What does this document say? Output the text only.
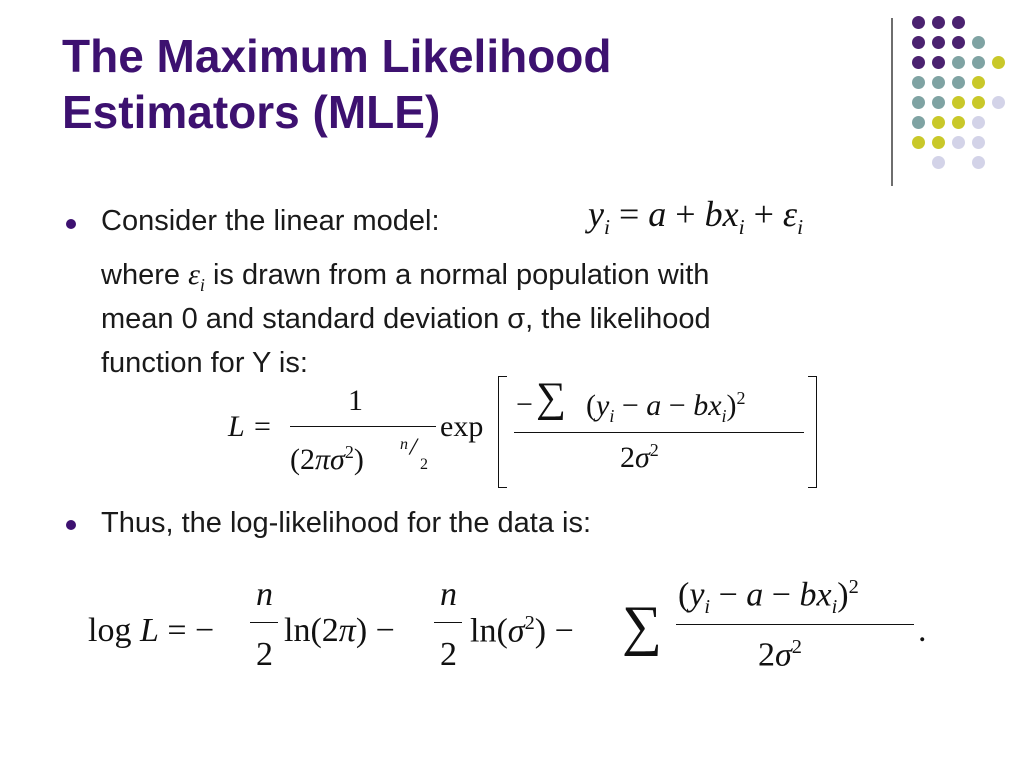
The Maximum Likelihood
Estimators (MLE)
Consider the linear model:	$y_i = a + bx_i + \varepsilon_i$
where $\varepsilon_i$ is drawn from a normal population with
mean 0 and standard deviation σ, the likelihood
function for Y is:
L =
1
$(2\pi\sigma^2)$ n /
2
exp
− ∑ $(y_i - a - bx_i)^2$
$2\sigma^2$
Thus, the log-likelihood for the data is:
log L = −
n
2
ln(2π) −
n
2
$\ln(\sigma^2)$ − ∑
$(y_i - a - bx_i)^2$
$2\sigma^2$	.
